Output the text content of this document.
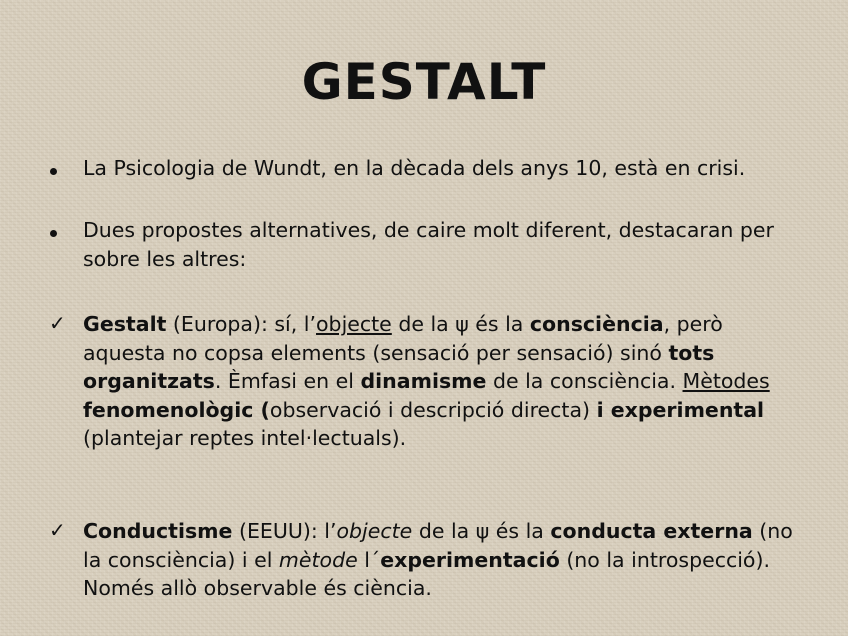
GESTALT
La Psicologia de Wundt, en la dècada dels anys 10, està en crisi.
Dues propostes alternatives, de caire molt diferent, destacaran per sobre les altres:
✓ Gestalt (Europa): sí, l’objecte de la ψ és la consciència, però aquesta no copsa elements (sensació per sensació) sinó tots organitzats. Èmfasi en el dinamisme de la consciència. Mètodes fenomenològic (observació i descripció directa) i experimental (plantejar reptes intel·lectuals).
✓ Conductisme (EEUU): l’objecte de la ψ és la conducta externa (no la consciència) i el mètode l´experimentació (no la introspecció). Només allò observable és ciència.
